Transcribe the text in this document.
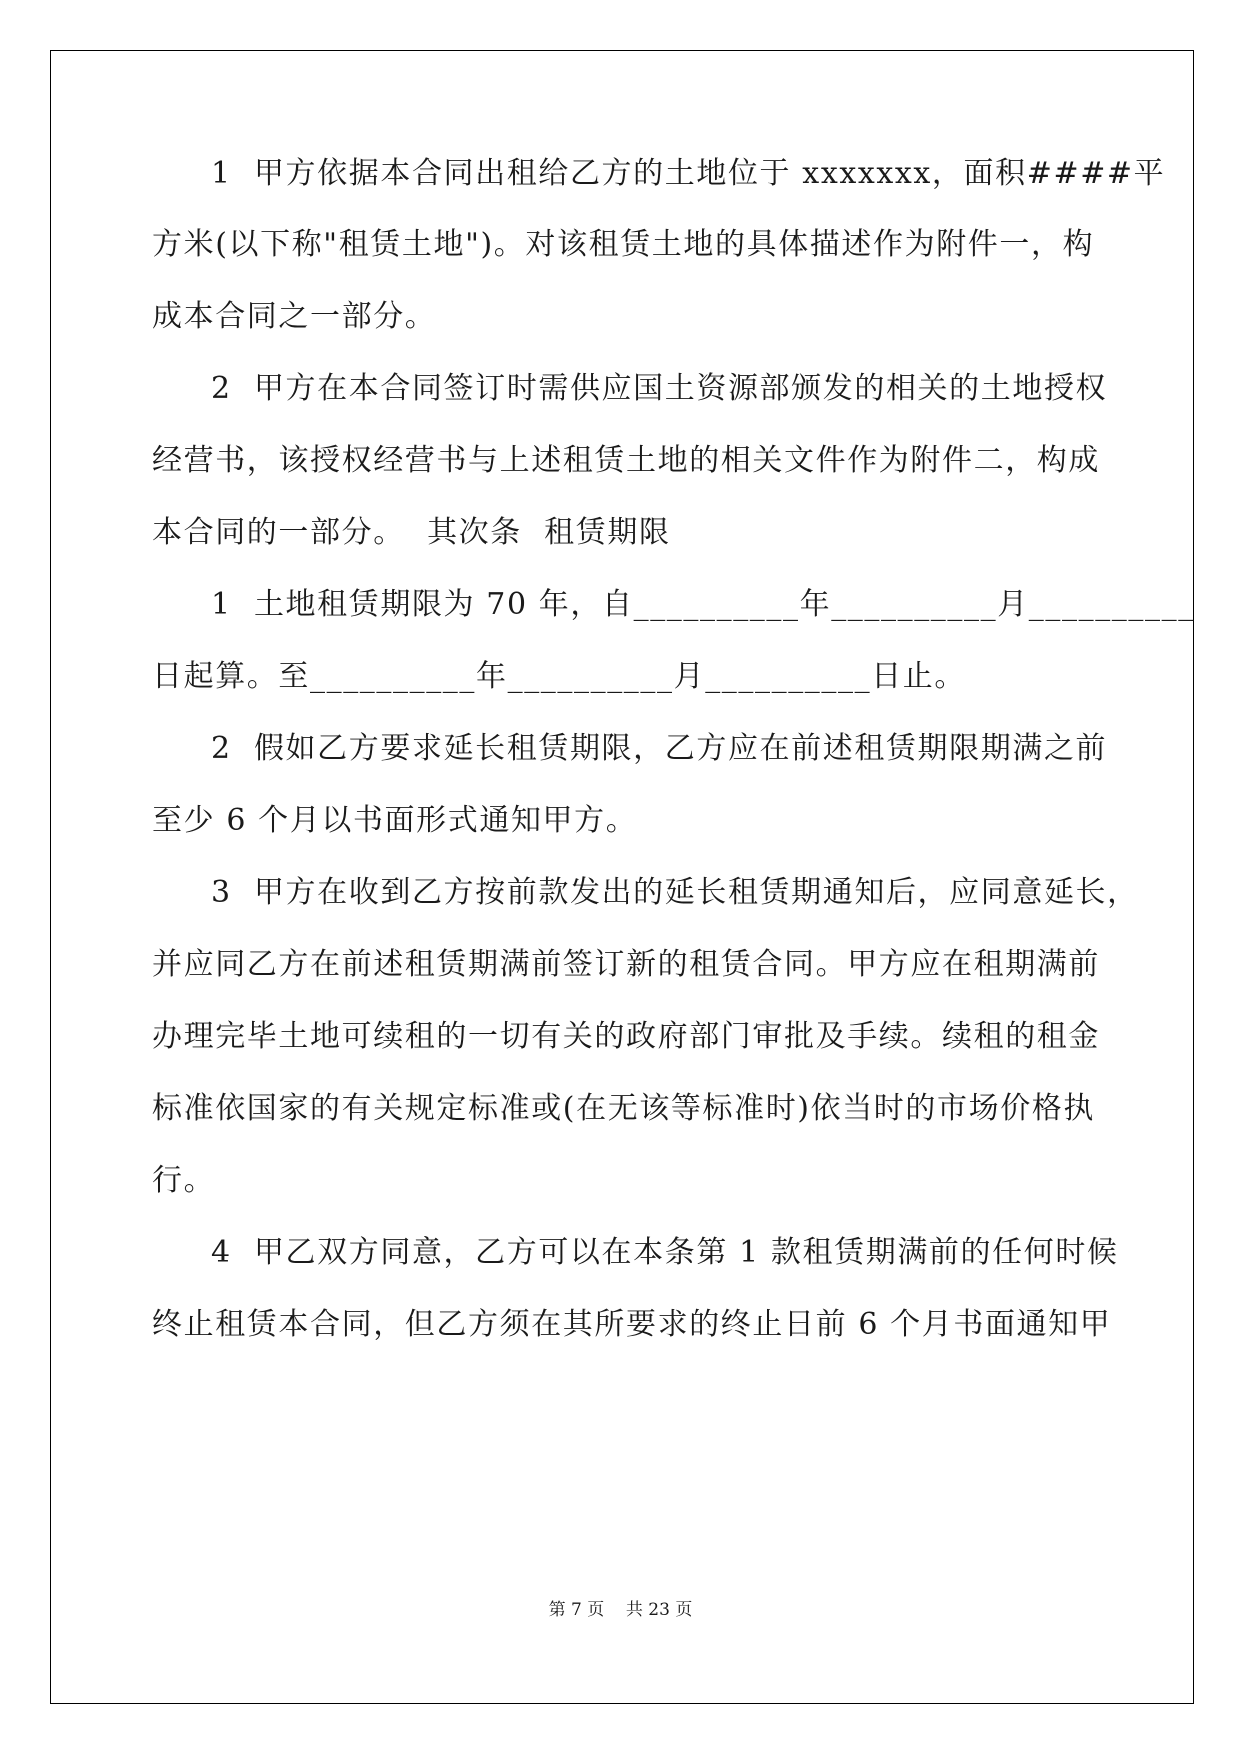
1  甲方依据本合同出租给乙方的土地位于 xxxxxxx，面积####平
方米(以下称"租赁土地")。对该租赁土地的具体描述作为附件一，构
成本合同之一部分。
2  甲方在本合同签订时需供应国土资源部颁发的相关的土地授权
经营书，该授权经营书与上述租赁土地的相关文件作为附件二，构成
本合同的一部分。  其次条  租赁期限
1  土地租赁期限为 70 年，自__________年__________月__________
日起算。至__________年__________月__________日止。
2  假如乙方要求延长租赁期限，乙方应在前述租赁期限期满之前
至少 6 个月以书面形式通知甲方。
3  甲方在收到乙方按前款发出的延长租赁期通知后，应同意延长，
并应同乙方在前述租赁期满前签订新的租赁合同。甲方应在租期满前
办理完毕土地可续租的一切有关的政府部门审批及手续。续租的租金
标准依国家的有关规定标准或(在无该等标准时)依当时的市场价格执
行。
4  甲乙双方同意，乙方可以在本条第 1 款租赁期满前的任何时候
终止租赁本合同，但乙方须在其所要求的终止日前 6 个月书面通知甲
第 7 页    共 23 页
